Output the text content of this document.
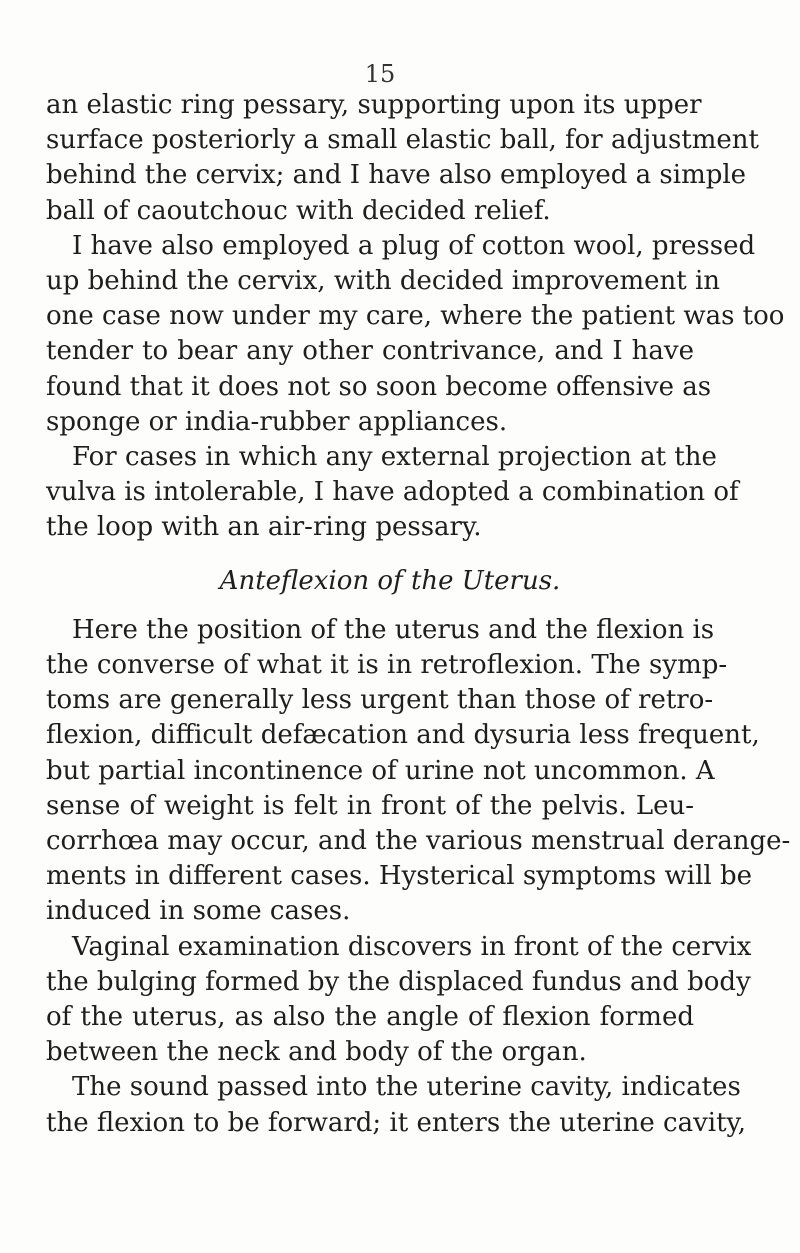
15
an elastic ring pessary, supporting upon its upper
surface posteriorly a small elastic ball, for adjustment
behind the cervix; and I have also employed a simple
ball of caoutchouc with decided relief.
I have also employed a plug of cotton wool, pressed
up behind the cervix, with decided improvement in
one case now under my care, where the patient was too
tender to bear any other contrivance, and I have
found that it does not so soon become offensive as
sponge or india-rubber appliances.
For cases in which any external projection at the
vulva is intolerable, I have adopted a combination of
the loop with an air-ring pessary.
Anteflexion of the Uterus.
Here the position of the uterus and the flexion is
the converse of what it is in retroflexion. The symp-
toms are generally less urgent than those of retro-
flexion, difficult defæcation and dysuria less frequent,
but partial incontinence of urine not uncommon. A
sense of weight is felt in front of the pelvis. Leu-
corrhœa may occur, and the various menstrual derange-
ments in different cases. Hysterical symptoms will be
induced in some cases.
Vaginal examination discovers in front of the cervix
the bulging formed by the displaced fundus and body
of the uterus, as also the angle of flexion formed
between the neck and body of the organ.
The sound passed into the uterine cavity, indicates
the flexion to be forward; it enters the uterine cavity,
